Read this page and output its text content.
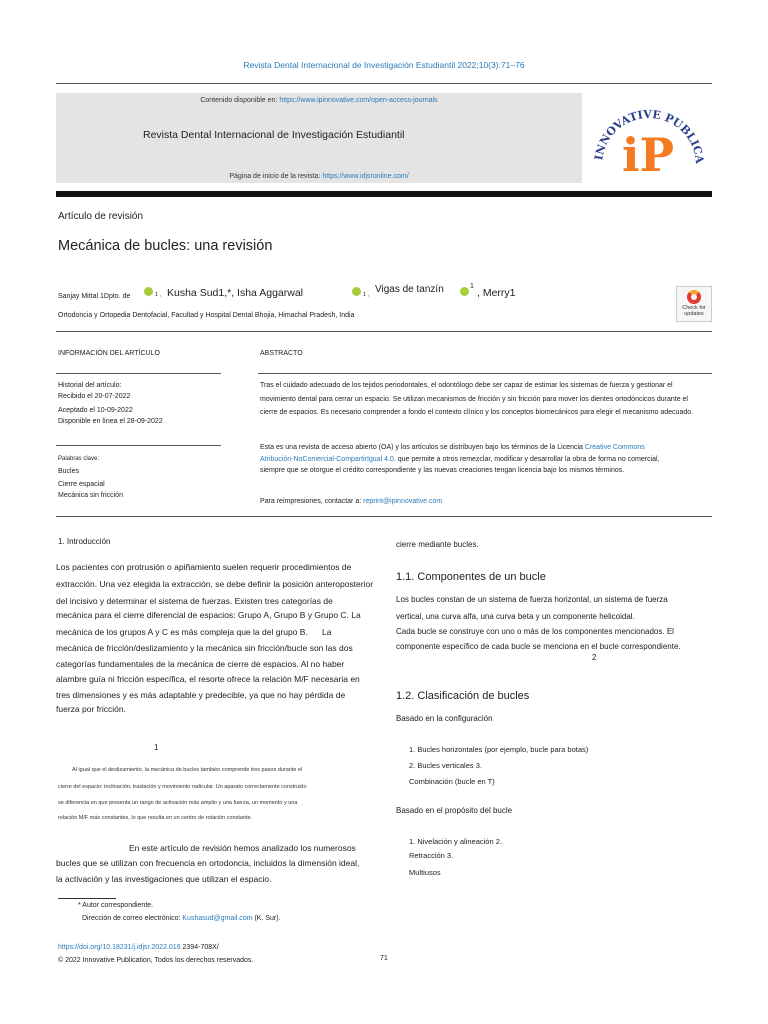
Revista Dental Internacional de Investigación Estudiantil 2022;10(3):71–76
Contenido disponible en: https://www.ipinnovative.com/open-access-journals
Revista Dental Internacional de Investigación Estudiantil
Página de inicio de la revista: https://www.idjsronline.com/
INNOVATIVE PUBLICA
iP
Artículo de revisión
Mecánica de bucles: una revisión
Sanjay Mittal 1Dpto. de	1 , Kusha Sud1,*, Isha Aggarwal	1 , Vigas de tanzín	1
, Merry1
Ortodoncia y Ortopedia Dentofacial, Facultad y Hospital Dental Bhojia, Himachal Pradesh, India
Check for updates
INFORMACIÓN DEL ARTÍCULO	ABSTRACTO
Historial del artículo:
Recibido el 20-07-2022
Aceptado el 10-09-2022
Disponible en línea el 28-09-2022
Palabras clave:
Bucles
Cierre espacial
Mecánica sin fricción
Tras el cuidado adecuado de los tejidos periodontales, el odontólogo debe ser capaz de estimar los sistemas de fuerza y gestionar el
movimiento dental para cerrar un espacio. Se utilizan mecanismos de fricción y sin fricción para mover los dientes ortodóncicos durante el
cierre de espacios. Es necesario comprender a fondo el contexto clínico y los conceptos biomecánicos para elegir el mecanismo adecuado.
Esta es una revista de acceso abierto (OA) y los artículos se distribuyen bajo los términos de la Licencia Creative Commons
Atribución-NoComercial-CompartirIgual 4.0. que permite a otros remezclar, modificar y desarrollar la obra de forma no comercial,
siempre que se otorgue el crédito correspondiente y las nuevas creaciones tengan licencia bajo los mismos términos.
Para reimpresiones, contactar a: reprint@ipinnovative.com
1. Introducción
Los pacientes con protrusión o apiñamiento suelen requerir procedimientos de
extracción. Una vez elegida la extracción, se debe definir la posición anteroposterior
del incisivo y determinar el sistema de fuerzas. Existen tres categorías de
mecánica para el cierre diferencial de espacios: Grupo A, Grupo B y Grupo C. La
mecánica de los grupos A y C es más compleja que la del grupo B.      La
mecánica de fricción/deslizamiento y la mecánica sin fricción/bucle son las dos
categorías fundamentales de la mecánica de cierre de espacios. Al no haber
alambre guía ni fricción específica, el resorte ofrece la relación M/F necesaria en
tres dimensiones y es más adaptable y predecible, ya que no hay pérdida de
fuerza por fricción.
1
Al igual que el deslizamiento, la mecánica de bucles también comprende tres pasos durante el
cierre del espacio: inclinación, traslación y movimiento radicular. Un aparato correctamente construido
se diferencia en que presenta un rango de activación más amplio y una fuerza, un momento y una
relación M/F más constantes, lo que resulta en un centro de rotación constante.
En este artículo de revisión hemos analizado los numerosos
bucles que se utilizan con frecuencia en ortodoncia, incluidos la dimensión ideal,
la activación y las investigaciones que utilizan el espacio.
* Autor correspondiente.
Dirección de correo electrónico: Kushasud@gmail.com (K. Sur).
https://doi.org/10.18231/j.idjsr.2022.016 2394-708X/
© 2022 Innovative Publication, Todos los derechos reservados.	71
cierre mediante bucles.
1.1. Componentes de un bucle
Los bucles constan de un sistema de fuerza horizontal, un sistema de fuerza
vertical, una curva alfa, una curva beta y un componente helicoidal.
Cada bucle se construye con uno o más de los componentes mencionados. El
componente específico de cada bucle se menciona en el bucle correspondiente.
2
1.2. Clasificación de bucles
Basado en la configuración
1. Bucles horizontales (por ejemplo, bucle para botas)
2. Bucles verticales 3.
Combinación (bucle en T)
Basado en el propósito del bucle
1. Nivelación y alineación 2.
Retracción 3.
Multiusos
